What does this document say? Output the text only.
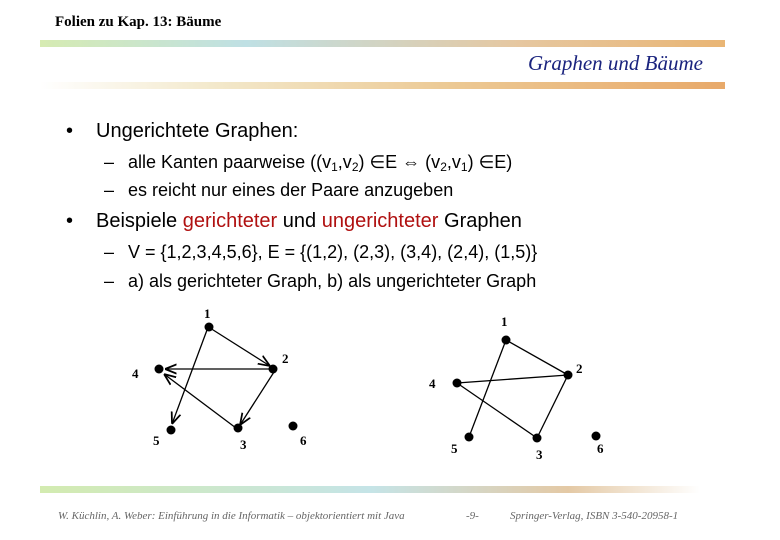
Folien zu Kap. 13: Bäume
Graphen und Bäume
• Ungerichtete Graphen:
– alle Kanten paarweise ($(v_1,v_2)$ ∈E ⇔ $(v_2,v_1)$ ∈E)
– es reicht nur eines der Paare anzugeben
• Beispiele gerichteter und ungerichteter Graphen
– V = {1,2,3,4,5,6}, E = {(1,2), (2,3), (3,4), (2,4), (1,5)}
– a) als gerichteter Graph, b) als ungerichteter Graph
1
2
3
4
5	6
1
2
3
4
5	6
W. Küchlin, A. Weber: Einführung in die Informatik – objektorientiert mit Java	-9-	Springer-Verlag, ISBN 3-540-20958-1
